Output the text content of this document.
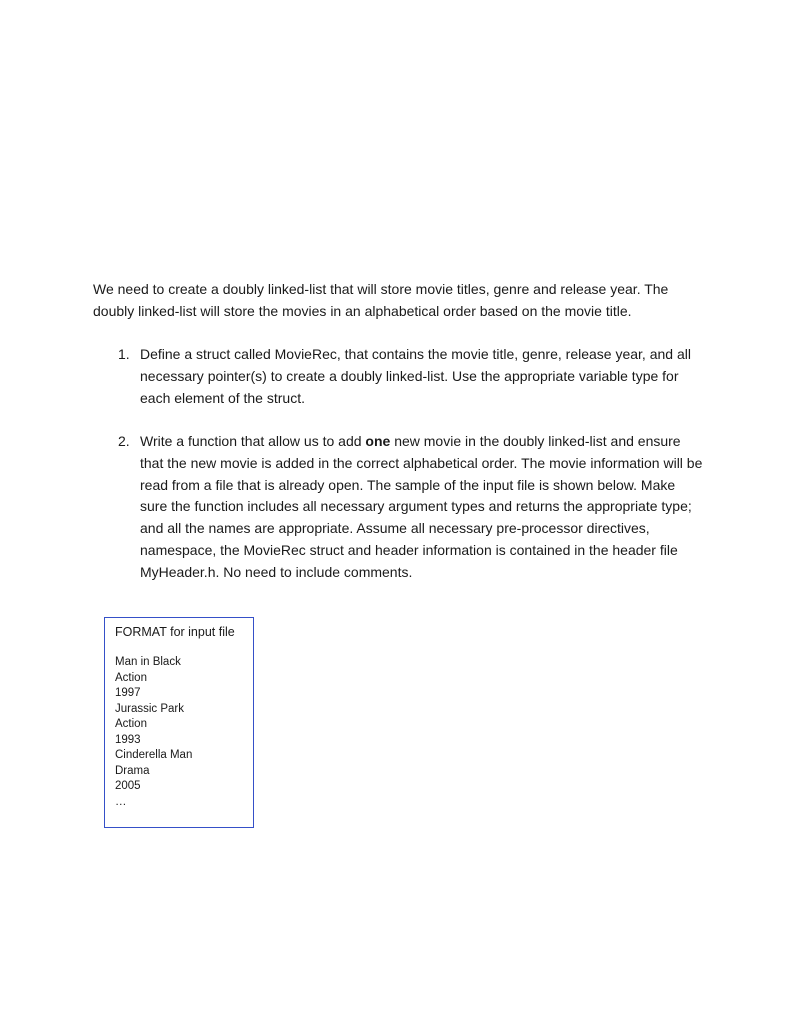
We need to create a doubly linked-list that will store movie titles, genre and release year. The doubly linked-list will store the movies in an alphabetical order based on the movie title.

1. Define a struct called MovieRec, that contains the movie title, genre, release year, and all necessary pointer(s) to create a doubly linked-list. Use the appropriate variable type for each element of the struct.
2. Write a function that allow us to add one new movie in the doubly linked-list and ensure that the new movie is added in the correct alphabetical order. The movie information will be read from a file that is already open. The sample of the input file is shown below. Make sure the function includes all necessary argument types and returns the appropriate type; and all the names are appropriate. Assume all necessary pre-processor directives, namespace, the MovieRec struct and header information is contained in the header file MyHeader.h. No need to include comments.
FORMAT for input file
Man in Black
Action
1997
Jurassic Park
Action
1993
Cinderella Man
Drama
2005
…
